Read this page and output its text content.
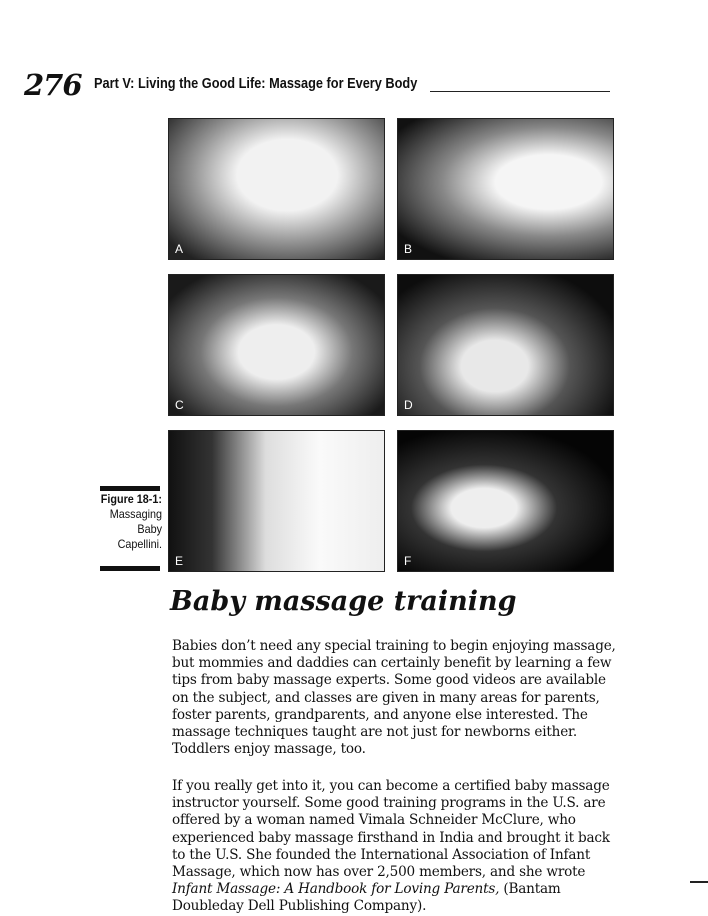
276 Part V: Living the Good Life: Massage for Every Body
A	B
C	D
E	F
Figure 18-1:
Massaging Baby Capellini.
Baby massage training

Babies don’t need any special training to begin enjoying massage, but mommies and daddies can certainly benefit by learning a few tips from baby massage experts. Some good videos are available on the subject, and classes are given in many areas for parents, foster parents, grandparents, and anyone else interested. The massage techniques taught are not just for newborns either. Toddlers enjoy massage, too.

If you really get into it, you can become a certified baby massage instructor yourself. Some good training programs in the U.S. are offered by a woman named Vimala Schneider McClure, who experienced baby massage firsthand in India and brought it back to the U.S. She founded the International Association of Infant Massage, which now has over 2,500 members, and she wrote Infant Massage: A Handbook for Loving Parents, (Bantam Doubleday Dell Publishing Company).
